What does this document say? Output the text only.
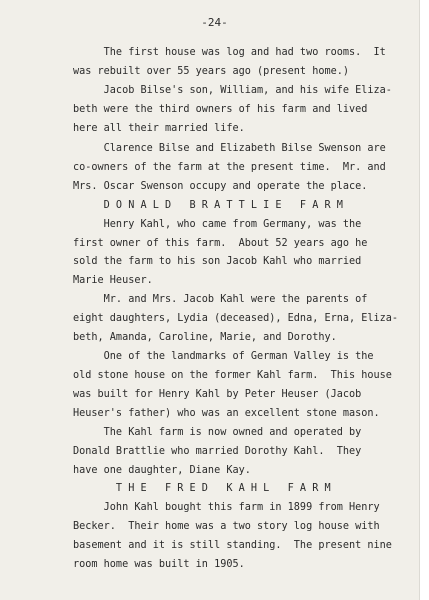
-24-
The first house was log and had two rooms.  It
was rebuilt over 55 years ago (present home.)
Jacob Bilse's son, William, and his wife Eliza-
beth were the third owners of his farm and lived
here all their married life.
Clarence Bilse and Elizabeth Bilse Swenson are
co-owners of the farm at the present time.  Mr. and
Mrs. Oscar Swenson occupy and operate the place.
D O N A L D   B R A T T L I E   F A R M
Henry Kahl, who came from Germany, was the
first owner of this farm.  About 52 years ago he
sold the farm to his son Jacob Kahl who married
Marie Heuser.
Mr. and Mrs. Jacob Kahl were the parents of
eight daughters, Lydia (deceased), Edna, Erna, Eliza-
beth, Amanda, Caroline, Marie, and Dorothy.
One of the landmarks of German Valley is the
old stone house on the former Kahl farm.  This house
was built for Henry Kahl by Peter Heuser (Jacob
Heuser's father) who was an excellent stone mason.
The Kahl farm is now owned and operated by
Donald Brattlie who married Dorothy Kahl.  They
have one daughter, Diane Kay.
T H E   F R E D   K A H L   F A R M
John Kahl bought this farm in 1899 from Henry
Becker.  Their home was a two story log house with
basement and it is still standing.  The present nine
room home was built in 1905.
